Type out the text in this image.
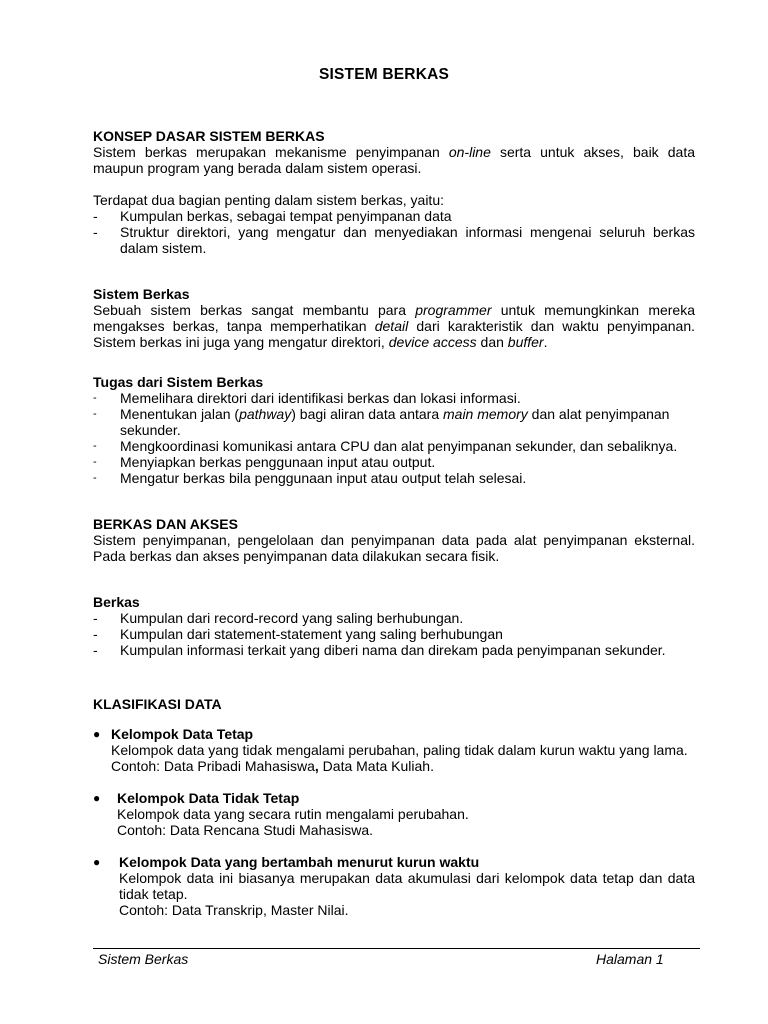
SISTEM BERKAS
KONSEP DASAR SISTEM BERKAS
Sistem berkas merupakan mekanisme penyimpanan on-line serta untuk akses, baik data maupun program yang berada dalam sistem operasi.
Terdapat dua bagian penting dalam sistem berkas, yaitu:
- Kumpulan berkas, sebagai tempat penyimpanan data
- Struktur direktori, yang mengatur dan menyediakan informasi mengenai seluruh berkas dalam sistem.
Sistem Berkas
Sebuah sistem berkas sangat membantu para programmer untuk memungkinkan mereka mengakses berkas, tanpa memperhatikan detail dari karakteristik dan waktu penyimpanan. Sistem berkas ini juga yang mengatur direktori, device access dan buffer.
Tugas dari Sistem Berkas
- Memelihara direktori dari identifikasi berkas dan lokasi informasi.
- Menentukan jalan (pathway) bagi aliran data antara main memory dan alat penyimpanan sekunder.
- Mengkoordinasi komunikasi antara CPU dan alat penyimpanan sekunder, dan sebaliknya.
- Menyiapkan berkas penggunaan input atau output.
- Mengatur berkas bila penggunaan input atau output telah selesai.
BERKAS DAN AKSES
Sistem penyimpanan, pengelolaan dan penyimpanan data pada alat penyimpanan eksternal. Pada berkas dan akses penyimpanan data dilakukan secara fisik.
Berkas
- Kumpulan dari record-record yang saling berhubungan.
- Kumpulan dari statement-statement yang saling berhubungan
- Kumpulan informasi terkait yang diberi nama dan direkam pada penyimpanan sekunder.
KLASIFIKASI DATA
● Kelompok Data Tetap
Kelompok data yang tidak mengalami perubahan, paling tidak dalam kurun waktu yang lama.
Contoh: Data Pribadi Mahasiswa, Data Mata Kuliah.
● Kelompok Data Tidak Tetap
Kelompok data yang secara rutin mengalami perubahan.
Contoh: Data Rencana Studi Mahasiswa.
● Kelompok Data yang bertambah menurut kurun waktu
Kelompok data ini biasanya merupakan data akumulasi dari kelompok data tetap dan data tidak tetap.
Contoh: Data Transkrip, Master Nilai.
Sistem Berkas	Halaman 1
